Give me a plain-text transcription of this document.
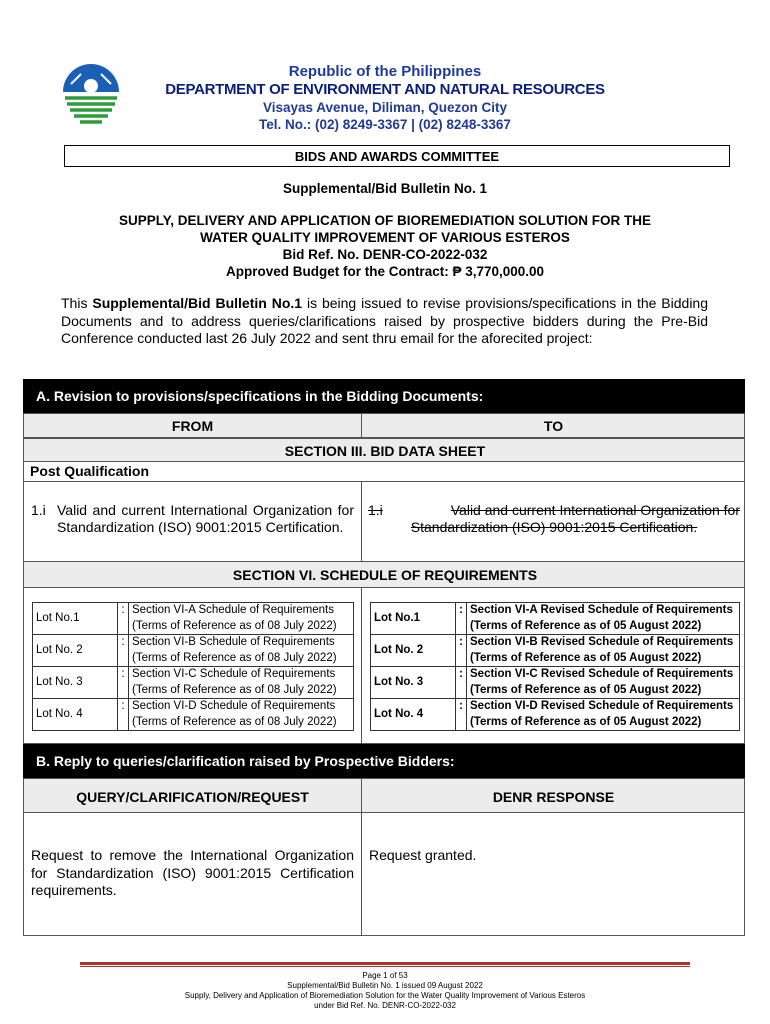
Republic of the Philippines
DEPARTMENT OF ENVIRONMENT AND NATURAL RESOURCES
Visayas Avenue, Diliman, Quezon City
Tel. No.: (02) 8249-3367 | (02) 8248-3367
BIDS AND AWARDS COMMITTEE
Supplemental/Bid Bulletin No. 1
SUPPLY, DELIVERY AND APPLICATION OF BIOREMEDIATION SOLUTION FOR THE
WATER QUALITY IMPROVEMENT OF VARIOUS ESTEROS
Bid Ref. No. DENR-CO-2022-032
Approved Budget for the Contract: ₱ 3,770,000.00
This Supplemental/Bid Bulletin No.1 is being issued to revise provisions/specifications in the Bidding Documents and to address queries/clarifications raised by prospective bidders during the Pre-Bid Conference conducted last 26 July 2022 and sent thru email for the aforecited project:
A. Revision to provisions/specifications in the Bidding Documents:
FROM	TO
SECTION III. BID DATA SHEET
Post Qualification
1.i Valid and current International Organization for Standardization (ISO) 9001:2015 Certification.
1.i	Valid and current International Organization for
Standardization (ISO) 9001:2015 Certification.
SECTION VI. SCHEDULE OF REQUIREMENTS
Lot No.1	:	Section VI-A Schedule of Requirements
(Terms of Reference as of 08 July 2022)

Lot No. 2	:	Section VI-B Schedule of Requirements
(Terms of Reference as of 08 July 2022)

Lot No. 3	:	Section VI-C Schedule of Requirements
(Terms of Reference as of 08 July 2022)

Lot No. 4	:	Section VI-D Schedule of Requirements
(Terms of Reference as of 08 July 2022)
Lot No.1	:	Section VI-A Revised Schedule of Requirements
(Terms of Reference as of 05 August 2022)

Lot No. 2	:	Section VI-B Revised Schedule of Requirements
(Terms of Reference as of 05 August 2022)

Lot No. 3	:	Section VI-C Revised Schedule of Requirements
(Terms of Reference as of 05 August 2022)

Lot No. 4	:	Section VI-D Revised Schedule of Requirements
(Terms of Reference as of 05 August 2022)
B. Reply to queries/clarification raised by Prospective Bidders:
QUERY/CLARIFICATION/REQUEST	DENR RESPONSE
Request to remove the International Organization for Standardization (ISO) 9001:2015 Certification requirements.
Request granted.
Page 1 of 53
Supplemental/Bid Bulletin No. 1 issued 09 August 2022
Supply, Delivery and Application of Bioremediation Solution for the Water Quality Improvement of Various Esteros
under Bid Ref. No. DENR-CO-2022-032
